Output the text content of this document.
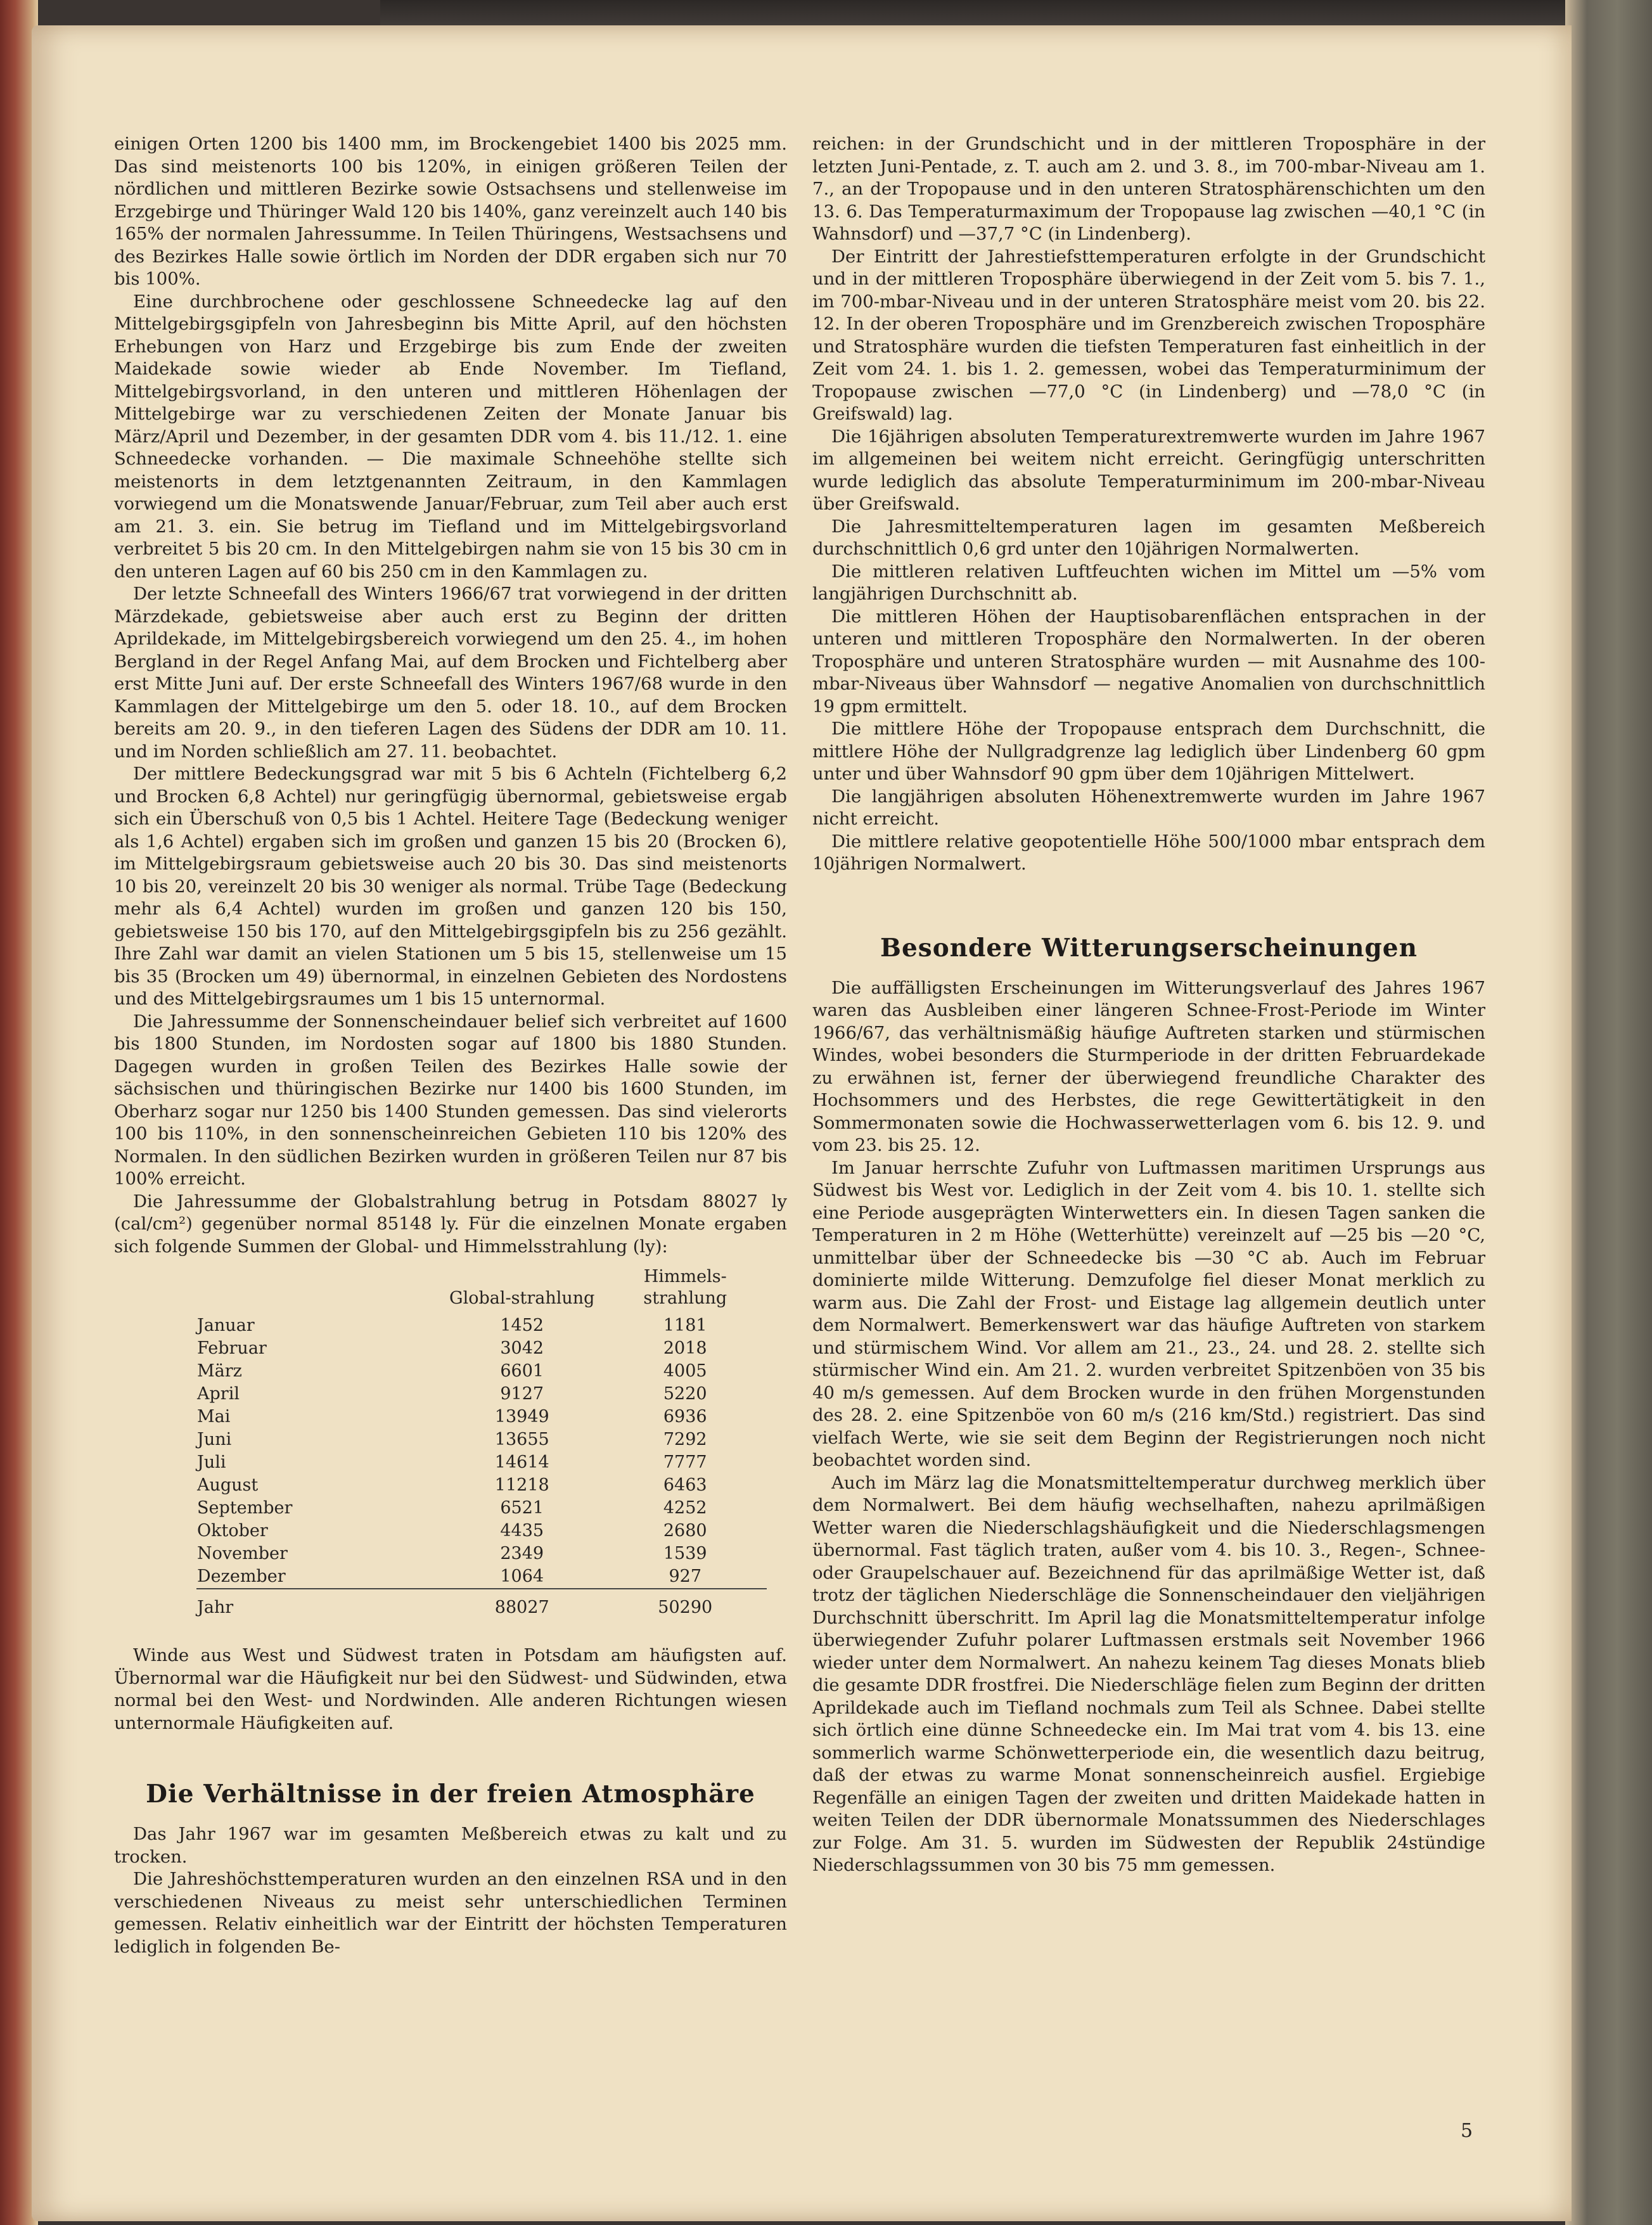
einigen Orten 1200 bis 1400 mm, im Brockengebiet 1400 bis 2025 mm. Das sind meistenorts 100 bis 120%, in einigen größeren Teilen der nördlichen und mittleren Bezirke sowie Ostsachsens und stellenweise im Erzgebirge und Thüringer Wald 120 bis 140%, ganz vereinzelt auch 140 bis 165% der normalen Jahressumme. In Teilen Thüringens, Westsachsens und des Bezirkes Halle sowie örtlich im Norden der DDR ergaben sich nur 70 bis 100%.

Eine durchbrochene oder geschlossene Schneedecke lag auf den Mittelgebirgsgipfeln von Jahresbeginn bis Mitte April, auf den höchsten Erhebungen von Harz und Erzgebirge bis zum Ende der zweiten Maidekade sowie wieder ab Ende November. Im Tiefland, Mittelgebirgsvorland, in den unteren und mittleren Höhenlagen der Mittelgebirge war zu verschiedenen Zeiten der Monate Januar bis März/April und Dezember, in der gesamten DDR vom 4. bis 11./12. 1. eine Schneedecke vorhanden. — Die maximale Schneehöhe stellte sich meistenorts in dem letztgenannten Zeitraum, in den Kammlagen vorwiegend um die Monatswende Januar/Februar, zum Teil aber auch erst am 21. 3. ein. Sie betrug im Tiefland und im Mittelgebirgsvorland verbreitet 5 bis 20 cm. In den Mittelgebirgen nahm sie von 15 bis 30 cm in den unteren Lagen auf 60 bis 250 cm in den Kammlagen zu.

Der letzte Schneefall des Winters 1966/67 trat vorwiegend in der dritten Märzdekade, gebietsweise aber auch erst zu Beginn der dritten Aprildekade, im Mittelgebirgsbereich vorwiegend um den 25. 4., im hohen Bergland in der Regel Anfang Mai, auf dem Brocken und Fichtelberg aber erst Mitte Juni auf. Der erste Schneefall des Winters 1967/68 wurde in den Kammlagen der Mittelgebirge um den 5. oder 18. 10., auf dem Brocken bereits am 20. 9., in den tieferen Lagen des Südens der DDR am 10. 11. und im Norden schließlich am 27. 11. beobachtet.

Der mittlere Bedeckungsgrad war mit 5 bis 6 Achteln (Fichtelberg 6,2 und Brocken 6,8 Achtel) nur geringfügig übernormal, gebietsweise ergab sich ein Überschuß von 0,5 bis 1 Achtel. Heitere Tage (Bedeckung weniger als 1,6 Achtel) ergaben sich im großen und ganzen 15 bis 20 (Brocken 6), im Mittelgebirgsraum gebietsweise auch 20 bis 30. Das sind meistenorts 10 bis 20, vereinzelt 20 bis 30 weniger als normal. Trübe Tage (Bedeckung mehr als 6,4 Achtel) wurden im großen und ganzen 120 bis 150, gebietsweise 150 bis 170, auf den Mittelgebirgsgipfeln bis zu 256 gezählt. Ihre Zahl war damit an vielen Stationen um 5 bis 15, stellenweise um 15 bis 35 (Brocken um 49) übernormal, in einzelnen Gebieten des Nordostens und des Mittelgebirgsraumes um 1 bis 15 unternormal.

Die Jahressumme der Sonnenscheindauer belief sich verbreitet auf 1600 bis 1800 Stunden, im Nordosten sogar auf 1800 bis 1880 Stunden. Dagegen wurden in großen Teilen des Bezirkes Halle sowie der sächsischen und thüringischen Bezirke nur 1400 bis 1600 Stunden, im Oberharz sogar nur 1250 bis 1400 Stunden gemessen. Das sind vielerorts 100 bis 110%, in den sonnenscheinreichen Gebieten 110 bis 120% des Normalen. In den südlichen Bezirken wurden in größeren Teilen nur 87 bis 100% erreicht.

Die Jahressumme der Globalstrahlung betrug in Potsdam 88027 ly (cal/cm²) gegenüber normal 85148 ly. Für die einzelnen Monate ergaben sich folgende Summen der Global- und Himmelsstrahlung (ly):

	Global-strahlung	Himmels-strahlung
Januar	1452	1181
Februar	3042	2018
März	6601	4005
April	9127	5220
Mai	13949	6936
Juni	13655	7292
Juli	14614	7777
August	11218	6463
September	6521	4252
Oktober	4435	2680
November	2349	1539
Dezember	1064	927
Jahr	88027	50290

Winde aus West und Südwest traten in Potsdam am häufigsten auf. Übernormal war die Häufigkeit nur bei den Südwest- und Südwinden, etwa normal bei den West- und Nordwinden. Alle anderen Richtungen wiesen unternormale Häufigkeiten auf.

Die Verhältnisse in der freien Atmosphäre

Das Jahr 1967 war im gesamten Meßbereich etwas zu kalt und zu trocken.

Die Jahreshöchsttemperaturen wurden an den einzelnen RSA und in den verschiedenen Niveaus zu meist sehr unterschiedlichen Terminen gemessen. Relativ einheitlich war der Eintritt der höchsten Temperaturen lediglich in folgenden Be-

reichen: in der Grundschicht und in der mittleren Troposphäre in der letzten Juni-Pentade, z. T. auch am 2. und 3. 8., im 700-mbar-Niveau am 1. 7., an der Tropopause und in den unteren Stratosphärenschichten um den 13. 6. Das Temperaturmaximum der Tropopause lag zwischen —40,1 °C (in Wahnsdorf) und —37,7 °C (in Lindenberg).

Der Eintritt der Jahrestiefsttemperaturen erfolgte in der Grundschicht und in der mittleren Troposphäre überwiegend in der Zeit vom 5. bis 7. 1., im 700-mbar-Niveau und in der unteren Stratosphäre meist vom 20. bis 22. 12. In der oberen Troposphäre und im Grenzbereich zwischen Troposphäre und Stratosphäre wurden die tiefsten Temperaturen fast einheitlich in der Zeit vom 24. 1. bis 1. 2. gemessen, wobei das Temperaturminimum der Tropopause zwischen —77,0 °C (in Lindenberg) und —78,0 °C (in Greifswald) lag.

Die 16jährigen absoluten Temperaturextremwerte wurden im Jahre 1967 im allgemeinen bei weitem nicht erreicht. Geringfügig unterschritten wurde lediglich das absolute Temperaturminimum im 200-mbar-Niveau über Greifswald.

Die Jahresmitteltemperaturen lagen im gesamten Meßbereich durchschnittlich 0,6 grd unter den 10jährigen Normalwerten.

Die mittleren relativen Luftfeuchten wichen im Mittel um —5% vom langjährigen Durchschnitt ab.

Die mittleren Höhen der Hauptisobarenflächen entsprachen in der unteren und mittleren Troposphäre den Normalwerten. In der oberen Troposphäre und unteren Stratosphäre wurden — mit Ausnahme des 100-mbar-Niveaus über Wahnsdorf — negative Anomalien von durchschnittlich 19 gpm ermittelt.

Die mittlere Höhe der Tropopause entsprach dem Durchschnitt, die mittlere Höhe der Nullgradgrenze lag lediglich über Lindenberg 60 gpm unter und über Wahnsdorf 90 gpm über dem 10jährigen Mittelwert.

Die langjährigen absoluten Höhenextremwerte wurden im Jahre 1967 nicht erreicht.

Die mittlere relative geopotentielle Höhe 500/1000 mbar entsprach dem 10jährigen Normalwert.

Besondere Witterungserscheinungen

Die auffälligsten Erscheinungen im Witterungsverlauf des Jahres 1967 waren das Ausbleiben einer längeren Schnee-Frost-Periode im Winter 1966/67, das verhältnismäßig häufige Auftreten starken und stürmischen Windes, wobei besonders die Sturmperiode in der dritten Februardekade zu erwähnen ist, ferner der überwiegend freundliche Charakter des Hochsommers und des Herbstes, die rege Gewittertätigkeit in den Sommermonaten sowie die Hochwasserwetterlagen vom 6. bis 12. 9. und vom 23. bis 25. 12.

Im Januar herrschte Zufuhr von Luftmassen maritimen Ursprungs aus Südwest bis West vor. Lediglich in der Zeit vom 4. bis 10. 1. stellte sich eine Periode ausgeprägten Winterwetters ein. In diesen Tagen sanken die Temperaturen in 2 m Höhe (Wetterhütte) vereinzelt auf —25 bis —20 °C, unmittelbar über der Schneedecke bis —30 °C ab. Auch im Februar dominierte milde Witterung. Demzufolge fiel dieser Monat merklich zu warm aus. Die Zahl der Frost- und Eistage lag allgemein deutlich unter dem Normalwert. Bemerkenswert war das häufige Auftreten von starkem und stürmischem Wind. Vor allem am 21., 23., 24. und 28. 2. stellte sich stürmischer Wind ein. Am 21. 2. wurden verbreitet Spitzenböen von 35 bis 40 m/s gemessen. Auf dem Brocken wurde in den frühen Morgenstunden des 28. 2. eine Spitzenböe von 60 m/s (216 km/Std.) registriert. Das sind vielfach Werte, wie sie seit dem Beginn der Registrierungen noch nicht beobachtet worden sind.

Auch im März lag die Monatsmitteltemperatur durchweg merklich über dem Normalwert. Bei dem häufig wechselhaften, nahezu aprilmäßigen Wetter waren die Niederschlagshäufigkeit und die Niederschlagsmengen übernormal. Fast täglich traten, außer vom 4. bis 10. 3., Regen-, Schnee- oder Graupelschauer auf. Bezeichnend für das aprilmäßige Wetter ist, daß trotz der täglichen Niederschläge die Sonnenscheindauer den vieljährigen Durchschnitt überschritt. Im April lag die Monatsmitteltemperatur infolge überwiegender Zufuhr polarer Luftmassen erstmals seit November 1966 wieder unter dem Normalwert. An nahezu keinem Tag dieses Monats blieb die gesamte DDR frostfrei. Die Niederschläge fielen zum Beginn der dritten Aprildekade auch im Tiefland nochmals zum Teil als Schnee. Dabei stellte sich örtlich eine dünne Schneedecke ein. Im Mai trat vom 4. bis 13. eine sommerlich warme Schönwetterperiode ein, die wesentlich dazu beitrug, daß der etwas zu warme Monat sonnenscheinreich ausfiel. Ergiebige Regenfälle an einigen Tagen der zweiten und dritten Maidekade hatten in weiten Teilen der DDR übernormale Monatssummen des Niederschlages zur Folge. Am 31. 5. wurden im Südwesten der Republik 24stündige Niederschlagssummen von 30 bis 75 mm gemessen.

5
